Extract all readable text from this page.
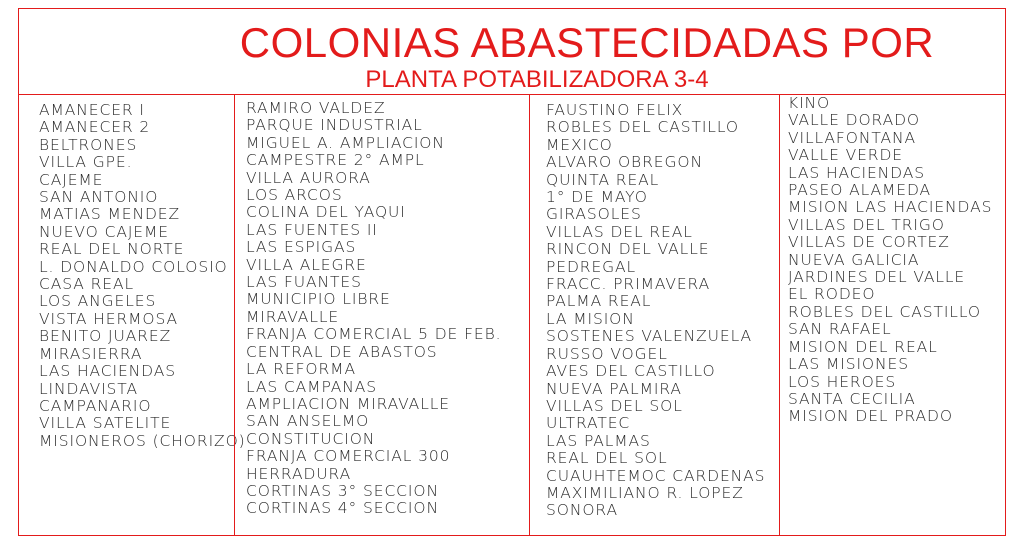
COLONIAS ABASTECIDADAS POR
PLANTA POTABILIZADORA 3-4
AMANECER I
AMANECER 2
BELTRONES
VILLA GPE.
CAJEME
SAN ANTONIO
MATIAS MENDEZ
NUEVO CAJEME
REAL DEL NORTE
L. DONALDO COLOSIO
CASA REAL
LOS ANGELES
VISTA HERMOSA
BENITO JUAREZ
MIRASIERRA
LAS HACIENDAS
LINDAVISTA
CAMPANARIO
VILLA SATELITE
MISIONEROS (CHORIZO)
RAMIRO VALDEZ
PARQUE INDUSTRIAL
MIGUEL A. AMPLIACION
CAMPESTRE 2° AMPL
VILLA AURORA
LOS ARCOS
COLINA DEL YAQUI
LAS FUENTES II
LAS ESPIGAS
VILLA ALEGRE
LAS FUANTES
MUNICIPIO LIBRE
MIRAVALLE
FRANJA COMERCIAL 5 DE FEB.
CENTRAL DE ABASTOS
LA REFORMA
LAS CAMPANAS
AMPLIACION MIRAVALLE
SAN ANSELMO
CONSTITUCION
FRANJA COMERCIAL 300
HERRADURA
CORTINAS 3° SECCION
CORTINAS 4° SECCION
FAUSTINO FELIX
ROBLES DEL CASTILLO
MEXICO
ALVARO OBREGON
QUINTA REAL
1° DE MAYO
GIRASOLES
VILLAS DEL REAL
RINCON DEL VALLE
PEDREGAL
FRACC. PRIMAVERA
PALMA REAL
LA MISION
SOSTENES VALENZUELA
RUSSO VOGEL
AVES DEL CASTILLO
NUEVA PALMIRA
VILLAS DEL SOL
ULTRATEC
LAS PALMAS
REAL DEL SOL
CUAUHTEMOC CARDENAS
MAXIMILIANO R. LOPEZ
SONORA
KINO
VALLE DORADO
VILLAFONTANA
VALLE VERDE
LAS HACIENDAS
PASEO ALAMEDA
MISION LAS HACIENDAS
VILLAS DEL TRIGO
VILLAS DE CORTEZ
NUEVA GALICIA
JARDINES DEL VALLE
EL RODEO
ROBLES DEL CASTILLO
SAN RAFAEL
MISION DEL REAL
LAS MISIONES
LOS HEROES
SANTA CECILIA
MISION DEL PRADO
